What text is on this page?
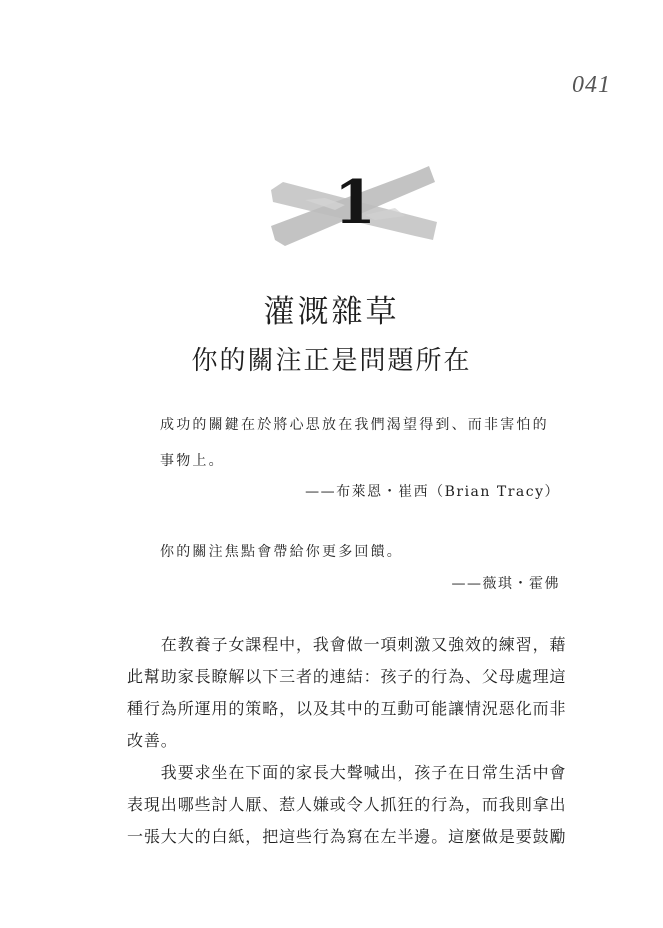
041
1
灌溉雜草
你的關注正是問題所在
成功的關鍵在於將心思放在我們渴望得到、而非害怕的
事物上。
——布萊恩・崔西（Brian Tracy）
你的關注焦點會帶給你更多回饋。
——薇琪・霍佛
　　在教養子女課程中，我會做一項刺激又強效的練習，藉
此幫助家長瞭解以下三者的連結：孩子的行為、父母處理這
種行為所運用的策略，以及其中的互動可能讓情況惡化而非
改善。
　　我要求坐在下面的家長大聲喊出，孩子在日常生活中會
表現出哪些討人厭、惹人嫌或令人抓狂的行為，而我則拿出
一張大大的白紙，把這些行為寫在左半邊。這麼做是要鼓勵
